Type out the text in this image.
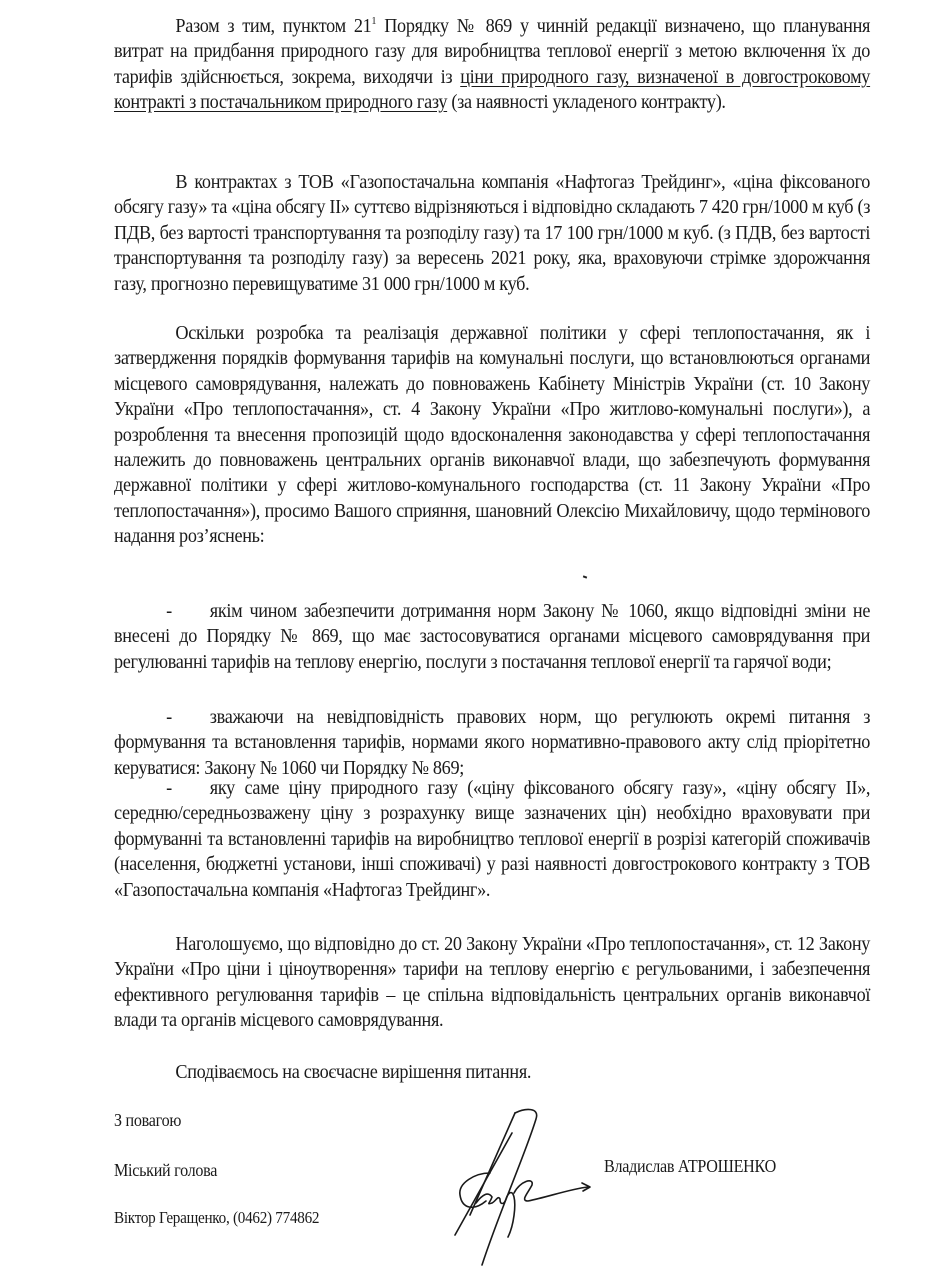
Разом з тим, пунктом $21^1$ Порядку № 869 у чинній редакції визначено, що планування витрат на придбання природного газу для виробництва теплової енергії з метою включення їх до тарифів здійснюється, зокрема, виходячи із ціни природного газу, визначеної в довгостроковому контракті з постачальником природного газу (за наявності укладеного контракту).

В контрактах з ТОВ «Газопостачальна компанія «Нафтогаз Трейдинг», «ціна фіксованого обсягу газу» та «ціна обсягу ІІ» суттєво відрізняються і відповідно складають 7 420 грн/1000 м куб (з ПДВ, без вартості транспортування та розподілу газу) та 17 100 грн/1000 м куб. (з ПДВ, без вартості транспортування та розподілу газу) за вересень 2021 року, яка, враховуючи стрімке здорожчання газу, прогнозно перевищуватиме 31 000 грн/1000 м куб.

Оскільки розробка та реалізація державної політики у сфері теплопостачання, як і затвердження порядків формування тарифів на комунальні послуги, що встановлюються органами місцевого самоврядування, належать до повноважень Кабінету Міністрів України (ст. 10 Закону України «Про теплопостачання», ст. 4 Закону України «Про житлово-комунальні послуги»), а розроблення та внесення пропозицій щодо вдосконалення законодавства у сфері теплопостачання належить до повноважень центральних органів виконавчої влади, що забезпечують формування державної політики у сфері житлово-комунального господарства (ст. 11 Закону України «Про теплопостачання»), просимо Вашого сприяння, шановний Олексію Михайловичу, щодо термінового надання роз’яснень:

- якім чином забезпечити дотримання норм Закону № 1060, якщо відповідні зміни не внесені до Порядку № 869, що має застосовуватися органами місцевого самоврядування при регулюванні тарифів на теплову енергію, послуги з постачання теплової енергії та гарячої води;

- зважаючи на невідповідність правових норм, що регулюють окремі питання з формування та встановлення тарифів, нормами якого нормативно-правового акту слід пріорітетно керуватися: Закону № 1060 чи Порядку № 869;

- яку саме ціну природного газу («ціну фіксованого обсягу газу», «ціну обсягу ІІ», середню/середньозважену ціну з розрахунку вище зазначених цін) необхідно враховувати при формуванні та встановленні тарифів на виробництво теплової енергії в розрізі категорій споживачів (населення, бюджетні установи, інші споживачі) у разі наявності довгострокового контракту з ТОВ «Газопостачальна компанія «Нафтогаз Трейдинг».

Наголошуємо, що відповідно до ст. 20 Закону України «Про теплопостачання», ст. 12 Закону України «Про ціни і ціноутворення» тарифи на теплову енергію є регульованими, і забезпечення ефективного регулювання тарифів – це спільна відповідальність центральних органів виконавчої влади та органів місцевого самоврядування.

Сподіваємось на своєчасне вирішення питання.

З повагою
Міський голова	Владислав АТРОШЕНКО
Віктор Геращенко, (0462) 774862
